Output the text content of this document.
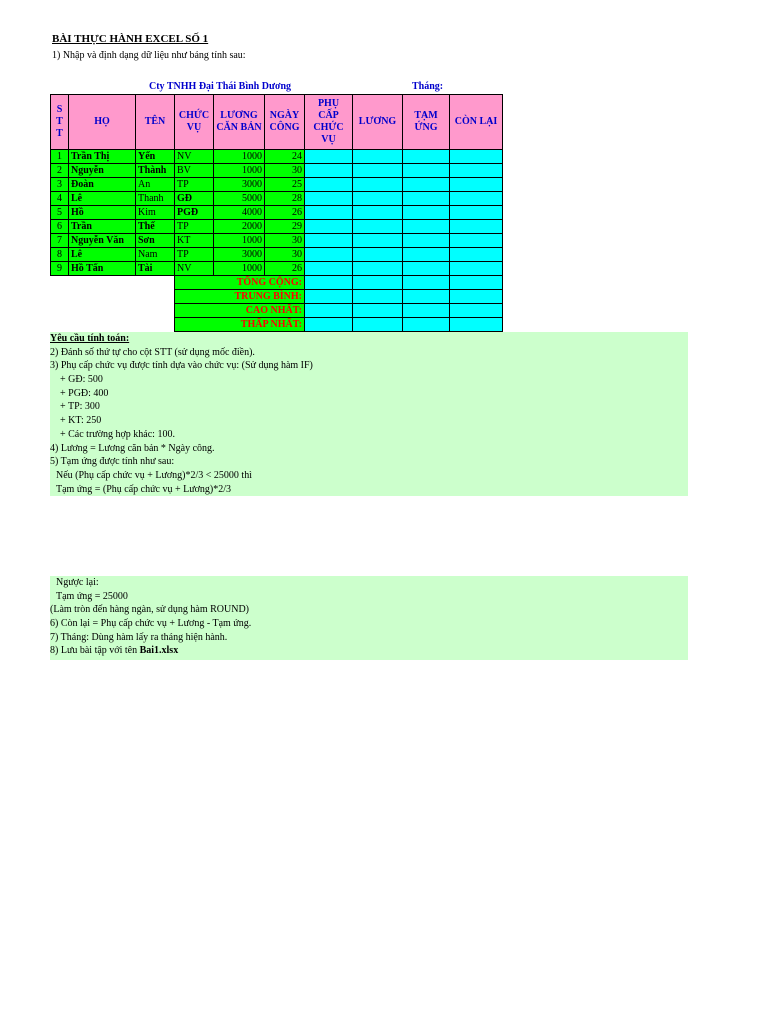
BÀI THỰC HÀNH EXCEL SỐ 1
1) Nhập và định dạng dữ liệu như bảng tính sau:
Cty TNHH Đại Thái Bình Dương	Tháng:
S T T	HỌ	TÊN	CHỨC VỤ	LƯƠNG CĂN BẢN	NGÀY CÔNG	PHỤ CẤP CHỨC VỤ	LƯƠNG	TẠM ỨNG	CÒN LẠI
1	Trần Thị	Yến	NV	1000	24				
2	Nguyễn	Thành	BV	1000	30				
3	Đoàn	An	TP	3000	25				
4	Lê	Thanh	GĐ	5000	28				
5	Hồ	Kim	PGĐ	4000	26				
6	Trần	Thế	TP	2000	29				
7	Nguyễn Văn	Sơn	KT	1000	30				
8	Lê	Nam	TP	3000	30				
9	Hồ Tấn	Tài	NV	1000	26				
			TỔNG CỘNG:						
			TRUNG BÌNH:						
			CAO NHẤT:						
			THẤP NHẤT:						
Yêu cầu tính toán:
2) Đánh số thứ tự cho cột STT (sử dụng mốc điền).
3) Phụ cấp chức vụ được tính dựa vào chức vụ: (Sử dụng hàm IF)
+ GĐ: 500
+ PGĐ: 400
+ TP: 300
+ KT: 250
+ Các trường hợp khác: 100.
4) Lương = Lương căn bản * Ngày công.
5) Tạm ứng được tính như sau:
Nếu (Phụ cấp chức vụ + Lương)*2/3 < 25000 thì
Tạm ứng = (Phụ cấp chức vụ + Lương)*2/3
Ngược lại:
Tạm ứng = 25000
(Làm tròn đến hàng ngàn, sử dụng hàm ROUND)
6) Còn lại = Phụ cấp chức vụ + Lương - Tạm ứng.
7) Tháng: Dùng hàm lấy ra tháng hiện hành.
8) Lưu bài tập với tên Bai1.xlsx
